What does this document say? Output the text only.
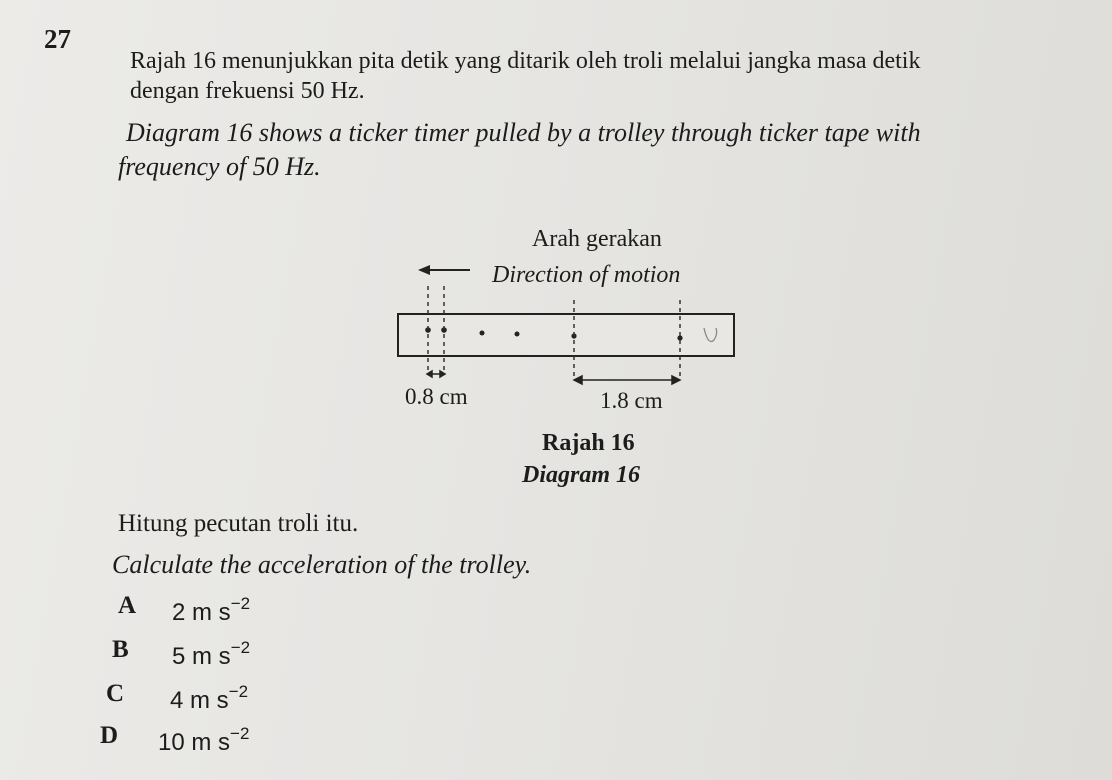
27
Rajah 16 menunjukkan pita detik yang ditarik oleh troli melalui jangka masa detik
dengan frekuensi 50 Hz.
Diagram 16 shows a ticker timer pulled by a trolley through ticker tape with
frequency of 50 Hz.
Arah gerakan
Direction of motion
0.8 cm	1.8 cm
Rajah 16
Diagram 16
Hitung pecutan troli itu.
Calculate the acceleration of the trolley.
A 2 m $s^{-2}$
B 5 m $s^{-2}$
C 4 m $s^{-2}$
D 10 m $s^{-2}$
